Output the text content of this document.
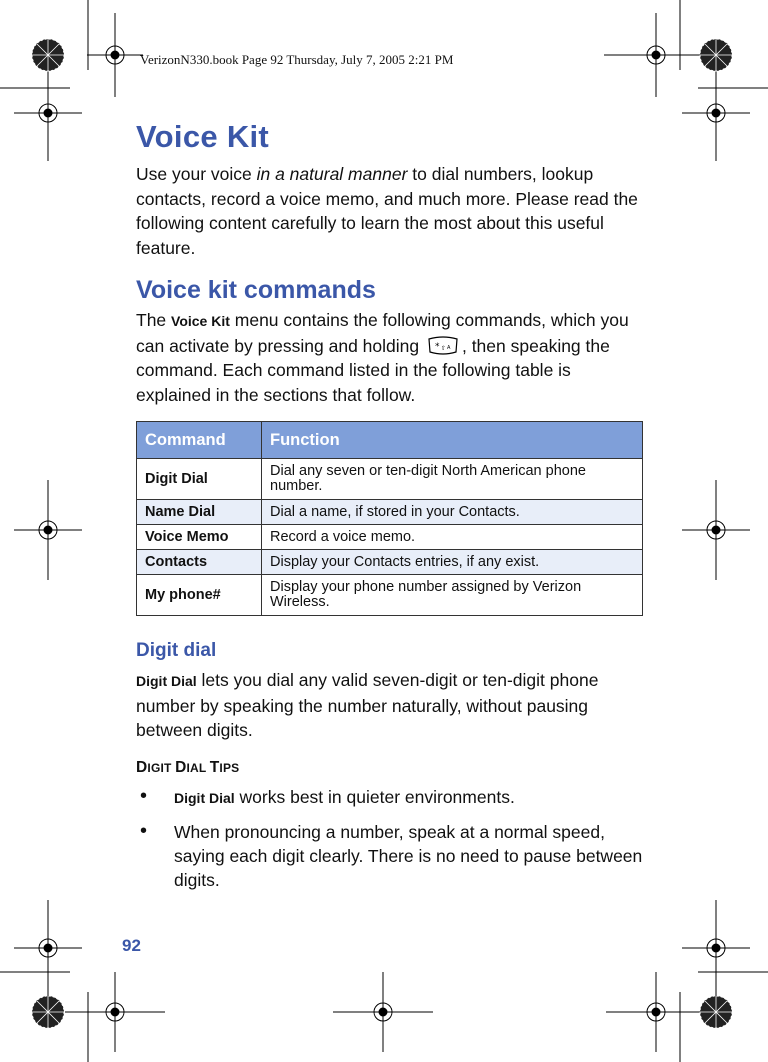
VerizonN330.book Page 92 Thursday, July 7, 2005 2:21 PM
Voice Kit

Use your voice in a natural manner to dial numbers, lookup contacts, record a voice memo, and much more. Please read the following content carefully to learn the most about this useful feature.

Voice kit commands

The Voice Kit menu contains the following commands, which you can activate by pressing and holding * ⇧ A , then speaking the command. Each command listed in the following table is explained in the sections that follow.

Command	Function
Digit Dial	Dial any seven or ten-digit North American phone number.
Name Dial	Dial a name, if stored in your Contacts.
Voice Memo	Record a voice memo.
Contacts	Display your Contacts entries, if any exist.
My phone#	Display your phone number assigned by Verizon Wireless.
Digit dial

Digit Dial lets you dial any valid seven-digit or ten-digit phone number by speaking the number naturally, without pausing between digits.

DIGIT DIAL TIPS
• Digit Dial works best in quieter environments.
• When pronouncing a number, speak at a normal speed, saying each digit clearly. There is no need to pause between digits.
92
